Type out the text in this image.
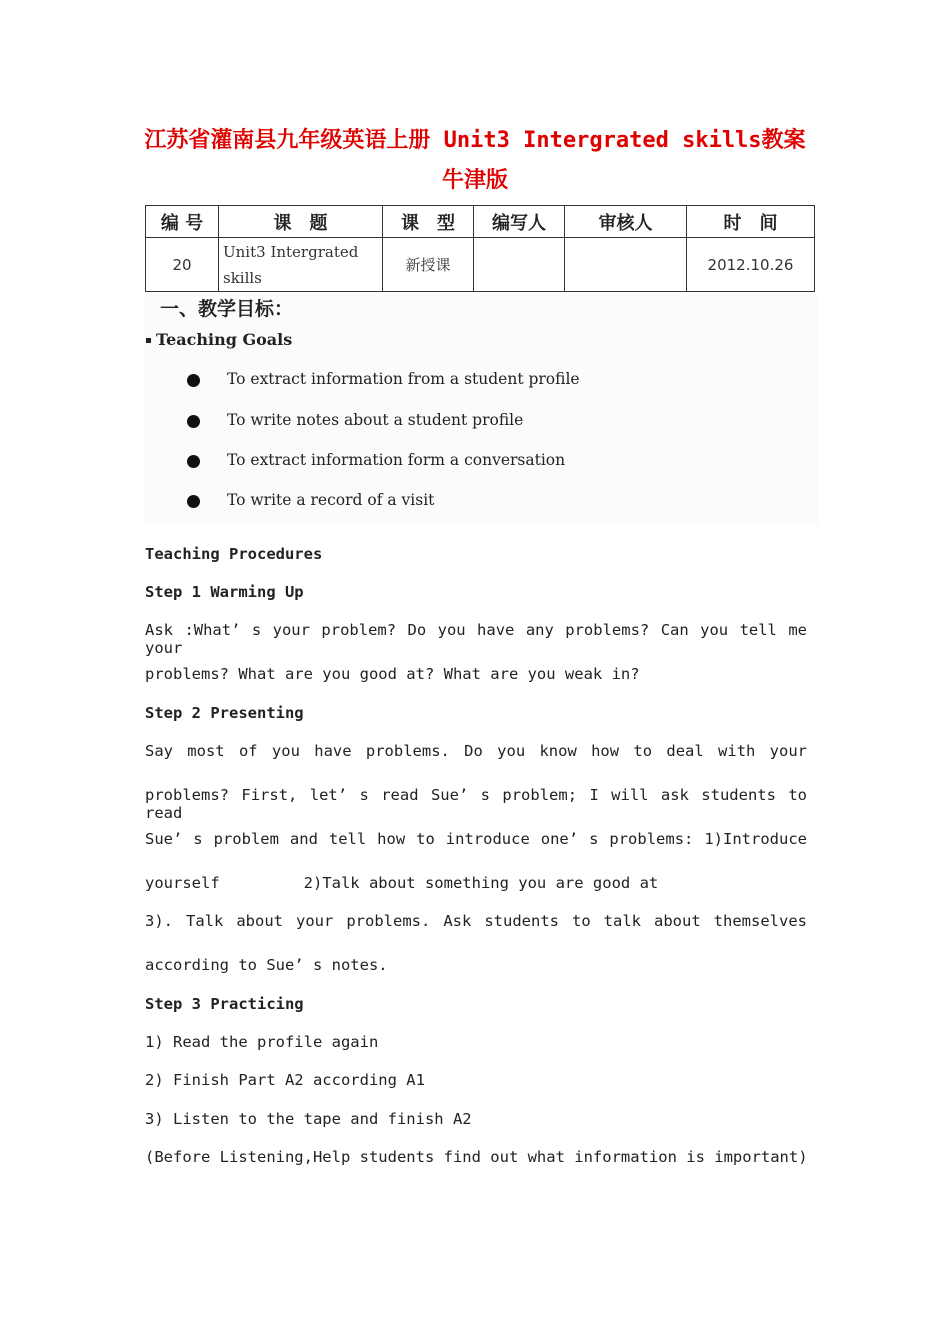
江苏省灌南县九年级英语上册 Unit3 Intergrated skills教案
牛津版
编 号	课　题	课　型	编写人	审核人	时　间
20	Unit3 Intergrated
skills	新授课			2012.10.26
一、教学目标：
Teaching Goals
To extract information from a student profile
To write notes about a student profile
To extract information form a conversation
To write a record of a visit
Teaching Procedures
Step 1 Warming Up
Ask :What’ s your problem? Do you have any problems? Can you tell me your
problems? What are you good at? What are you weak in?
Step 2 Presenting
Say most of you have problems. Do you know how to deal with your
problems? First, let’ s read Sue’ s problem; I will ask students to read
Sue’ s problem and tell how to introduce one’ s problems: 1)Introduce
yourself         2)Talk about something you are good at
3). Talk about your problems. Ask students to talk about themselves
according to Sue’ s notes.
Step 3 Practicing
1) Read the profile again
2) Finish Part A2 according A1
3) Listen to the tape and finish A2
(Before Listening,Help students find out what information is important)
